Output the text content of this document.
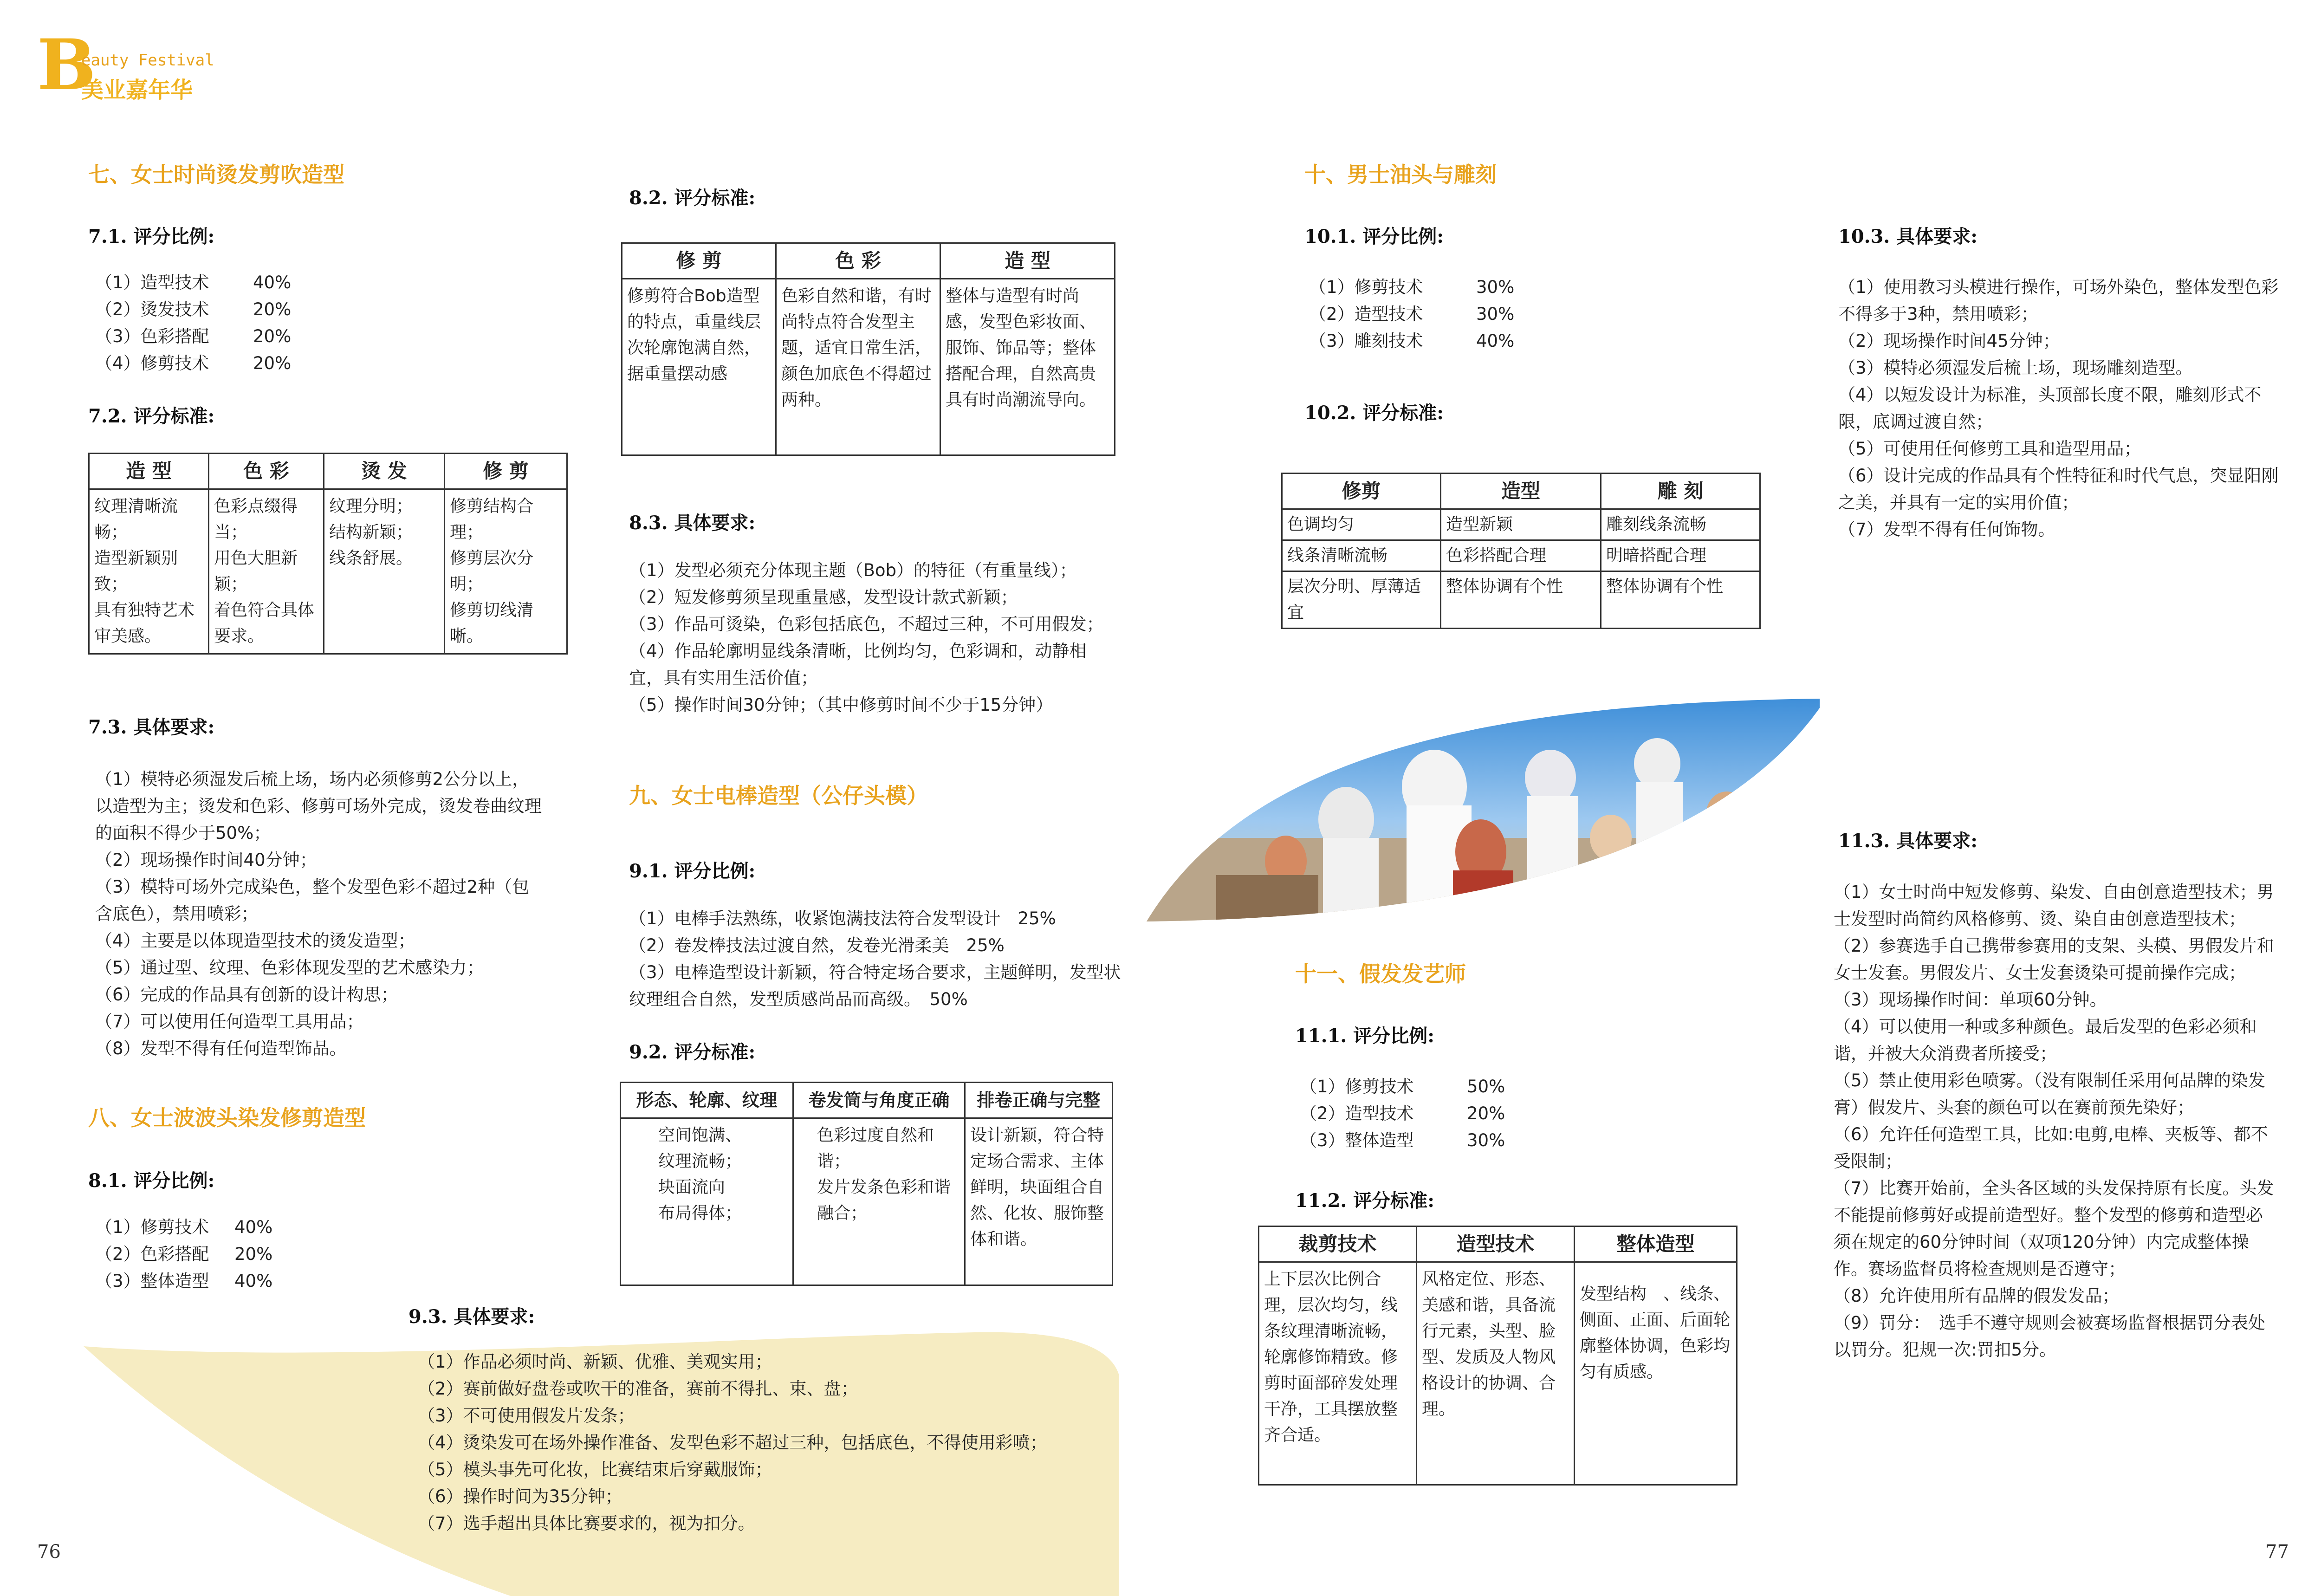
B
eauty Festival
美业嘉年华
七、女士时尚烫发剪吹造型
7.1. 评分比例:
（1）造型技术	40%
（2）烫发技术	20%
（3）色彩搭配	20%
（4）修剪技术	20%
7.2. 评分标准:
造 型	色 彩	烫 发	修 剪
纹理清晰流畅；
造型新颖别致；
具有独特艺术审美感。	色彩点缀得当；
用色大胆新颖；
着色符合具体要求。	纹理分明；
结构新颖；
线条舒展。	修剪结构合理；
修剪层次分明；
修剪切线清晰。
7.3. 具体要求:
（1）模特必须湿发后梳上场，场内必须修剪2公分以上，以造型为主；烫发和色彩、修剪可场外完成，烫发卷曲纹理的面积不得少于50%；
（2）现场操作时间40分钟；
（3）模特可场外完成染色，整个发型色彩不超过2种（包含底色），禁用喷彩；
（4）主要是以体现造型技术的烫发造型；
（5）通过型、纹理、色彩体现发型的艺术感染力；
（6）完成的作品具有创新的设计构思；
（7）可以使用任何造型工具用品；
（8）发型不得有任何造型饰品。
八、女士波波头染发修剪造型
8.1. 评分比例:
（1）修剪技术 40%
（2）色彩搭配 20%
（3）整体造型 40%
8.2. 评分标准:
修 剪	色 彩	造 型
修剪符合Bob造型的特点，重量线层次轮廓饱满自然，据重量摆动感	色彩自然和谐，有时尚特点符合发型主题，适宜日常生活，颜色加底色不得超过两种。	整体与造型有时尚感，发型色彩妆面、服饰、饰品等；整体搭配合理，自然高贵具有时尚潮流导向。
8.3. 具体要求:
（1）发型必须充分体现主题（Bob）的特征（有重量线）；
（2）短发修剪须呈现重量感，发型设计款式新颖；
（3）作品可烫染，色彩包括底色，不超过三种，不可用假发；
（4）作品轮廓明显线条清晰，比例均匀，色彩调和，动静相宜，具有实用生活价值；
（5）操作时间30分钟；（其中修剪时间不少于15分钟）
九、女士电棒造型（公仔头模）
9.1. 评分比例:
（1）电棒手法熟练，收紧饱满技法符合发型设计　 25%
（2）卷发棒技法过渡自然，发卷光滑柔美　 25%
（3）电棒造型设计新颖，符合特定场合要求，主题鲜明，发型状纹理组合自然，发型质感尚品而高级。　 50%
9.2. 评分标准:
形态、轮廓、纹理	卷发筒与角度正确	排卷正确与完整
空间饱满、
纹理流畅；
块面流向
布局得体；	色彩过度自然和谐；
发片发条色彩和谐融合；	设计新颖，符合特定场合需求、主体鲜明，块面组合自然、化妆、服饰整体和谐。
9.3. 具体要求:
（1）作品必须时尚、新颖、优雅、美观实用；
（2）赛前做好盘卷或吹干的准备，赛前不得扎、束、盘；
（3）不可使用假发片发条；
（4）烫染发可在场外操作准备、发型色彩不超过三种，包括底色，不得使用彩喷；
（5）模头事先可化妆，比赛结束后穿戴服饰；
（6）操作时间为35分钟；
（7）选手超出具体比赛要求的，视为扣分。
十、男士油头与雕刻
10.1. 评分比例:
（1）修剪技术	30%
（2）造型技术	30%
（3）雕刻技术	40%
10.2. 评分标准:
修剪	造型	雕 刻
色调均匀	造型新颖	雕刻线条流畅
线条清晰流畅	色彩搭配合理	明暗搭配合理
层次分明、厚薄适宜	整体协调有个性	整体协调有个性
10.3. 具体要求:
（1）使用教习头模进行操作，可场外染色，整体发型色彩不得多于3种，禁用喷彩；
（2）现场操作时间45分钟；
（3）模特必须湿发后梳上场，现场雕刻造型。
（4）以短发设计为标准，头顶部长度不限，雕刻形式不限，底调过渡自然；
（5）可使用任何修剪工具和造型用品；
（6）设计完成的作品具有个性特征和时代气息，突显阳刚之美，并具有一定的实用价值；
（7）发型不得有任何饰物。
十一、假发发艺师
11.1. 评分比例:
（1）修剪技术	50%
（2）造型技术	20%
（3）整体造型	30%
11.2. 评分标准:
裁剪技术	造型技术	整体造型
上下层次比例合理，层次均匀，线条纹理清晰流畅，轮廓修饰精致。修剪时面部碎发处理干净，工具摆放整齐合适。	风格定位、形态、美感和谐，具备流行元素，头型、脸型、发质及人物风格设计的协调、合理。	发型结构　、线条、侧面、正面、后面轮廓整体协调，色彩均匀有质感。
11.3. 具体要求:
（1）女士时尚中短发修剪、染发、自由创意造型技术；男士发型时尚简约风格修剪、烫、染自由创意造型技术；
（2）参赛选手自己携带参赛用的支架、头模、男假发片和女士发套。男假发片、女士发套烫染可提前操作完成；
（3）现场操作时间：单项60分钟。
（4）可以使用一种或多种颜色。最后发型的色彩必须和谐，并被大众消费者所接受；
（5）禁止使用彩色喷雾。（没有限制任采用何品牌的染发膏）假发片、头套的颜色可以在赛前预先染好；
（6）允许任何造型工具，比如:电剪,电棒、夹板等、都不受限制；
（7）比赛开始前，全头各区域的头发保持原有长度。头发不能提前修剪好或提前造型好。整个发型的修剪和造型必须在规定的60分钟时间（双项120分钟）内完成整体操作。赛场监督员将检查规则是否遵守；
（8）允许使用所有品牌的假发发品；
（9）罚分：　选手不遵守规则会被赛场监督根据罚分表处以罚分。犯规一次:罚扣5分。
76	77
